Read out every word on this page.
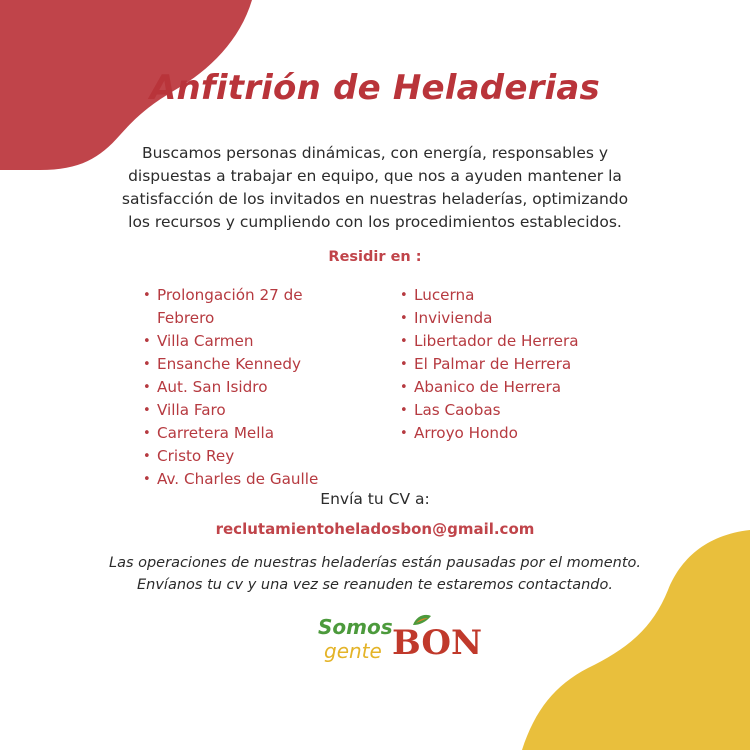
Anfitrión de Heladerias

Buscamos personas dinámicas, con energía, responsables y dispuestas a trabajar en equipo, que nos a ayuden mantener la satisfacción de los invitados en nuestras heladerías, optimizando los recursos y cumpliendo con los procedimientos establecidos.

Residir en :
• Prolongación 27 de Febrero
• Villa Carmen
• Ensanche Kennedy
• Aut. San Isidro
• Villa Faro
• Carretera Mella
• Cristo Rey
• Av. Charles de Gaulle
• Lucerna
• Invivienda
• Libertador de Herrera
• El Palmar de Herrera
• Abanico de Herrera
• Las Caobas
• Arroyo Hondo
Envía tu CV a:
reclutamientoheladosbon@gmail.com

Las operaciones de nuestras heladerías están pausadas por el momento. Envíanos tu cv y una vez se reanuden te estaremos contactando.

Somos
gente BON
